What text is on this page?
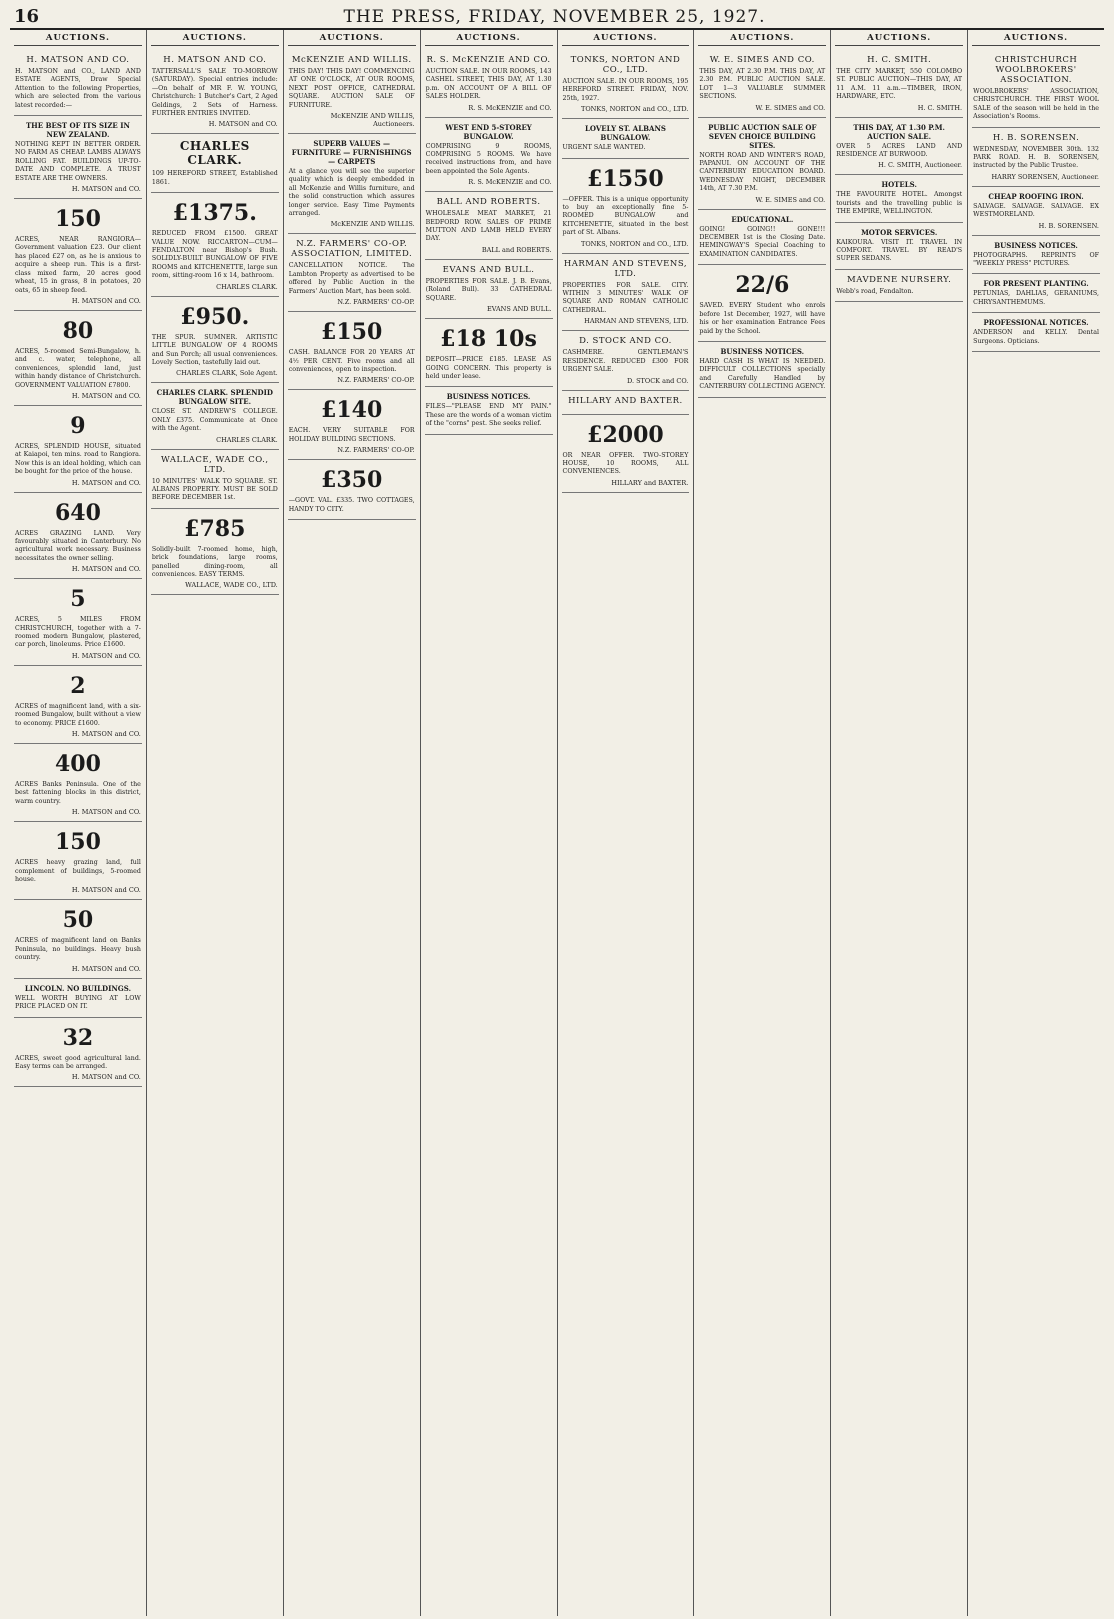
16	THE PRESS, FRIDAY, NOVEMBER 25, 1927.
AUCTIONS.
H. MATSON AND CO.
H. MATSON and CO., LAND AND ESTATE AGENTS, Draw Special Attention to the following Properties, which are selected from the various latest recorded:—
THE BEST OF ITS SIZE IN NEW ZEALAND.
NOTHING KEPT IN BETTER ORDER. NO FARM AS CHEAP. LAMBS ALWAYS ROLLING FAT. BUILDINGS UP-TO-DATE AND COMPLETE. A TRUST ESTATE ARE THE OWNERS.
H. MATSON and CO.
150
ACRES, NEAR RANGIORA—Government valuation £23. Our client has placed £27 on, as he is anxious to acquire a sheep run. This is a first-class mixed farm, 20 acres good wheat, 15 in grass, 8 in potatoes, 20 oats, 65 in sheep feed.
H. MATSON and CO.
80
ACRES, 5-roomed Semi-Bungalow, h. and c. water, telephone, all conveniences, splendid land, just within handy distance of Christchurch. GOVERNMENT VALUATION £7800.
H. MATSON and CO.
9
ACRES, SPLENDID HOUSE, situated at Kaiapoi, ten mins. road to Rangiora. Now this is an ideal holding, which can be bought for the price of the house.
H. MATSON and CO.
640
ACRES GRAZING LAND. Very favourably situated in Canterbury. No agricultural work necessary. Business necessitates the owner selling.
H. MATSON and CO.
5
ACRES, 5 MILES FROM CHRISTCHURCH, together with a 7-roomed modern Bungalow, plastered, car porch, linoleums. Price £1600.
H. MATSON and CO.
2
ACRES of magnificent land, with a six-roomed Bungalow, built without a view to economy. PRICE £1600.
H. MATSON and CO.
400
ACRES Banks Peninsula. One of the best fattening blocks in this district, warm country.
H. MATSON and CO.
150
ACRES heavy grazing land, full complement of buildings, 5-roomed house.
H. MATSON and CO.
50
ACRES of magnificent land on Banks Peninsula, no buildings. Heavy bush country.
H. MATSON and CO.
LINCOLN. NO BUILDINGS.
WELL WORTH BUYING AT LOW PRICE PLACED ON IT.
32
ACRES, sweet good agricultural land. Easy terms can be arranged.
H. MATSON and CO.
AUCTIONS.
H. MATSON AND CO.
TATTERSALL'S SALE TO-MORROW (SATURDAY). Special entries include:—On behalf of MR F. W. YOUNG, Christchurch: 1 Butcher's Cart, 2 Aged Geldings, 2 Sets of Harness. FURTHER ENTRIES INVITED.
H. MATSON and CO.
CHARLES CLARK.
109 HEREFORD STREET, Established 1861.
£1375.
REDUCED FROM £1500. GREAT VALUE NOW. RICCARTON—CUM—FENDALTON near Bishop's Bush. SOLIDLY-BUILT BUNGALOW OF FIVE ROOMS and KITCHENETTE, large sun room, sitting-room 16 x 14, bathroom.
CHARLES CLARK.
£950.
THE SPUR. SUMNER. ARTISTIC LITTLE BUNGALOW OF 4 ROOMS and Sun Porch; all usual conveniences. Lovely Section, tastefully laid out.
CHARLES CLARK, Sole Agent.
CHARLES CLARK. SPLENDID BUNGALOW SITE.
CLOSE ST. ANDREW'S COLLEGE. ONLY £375. Communicate at Once with the Agent.
CHARLES CLARK.
WALLACE, WADE CO., LTD.
10 MINUTES' WALK TO SQUARE. ST. ALBANS PROPERTY. MUST BE SOLD BEFORE DECEMBER 1st.
£785
Solidly-built 7-roomed home, high, brick foundations, large rooms, panelled dining-room, all conveniences. EASY TERMS.
WALLACE, WADE CO., LTD.
AUCTIONS.
McKENZIE AND WILLIS.
THIS DAY! THIS DAY! COMMENCING AT ONE O'CLOCK, AT OUR ROOMS, NEXT POST OFFICE, CATHEDRAL SQUARE. AUCTION SALE OF FURNITURE.
McKENZIE AND WILLIS, Auctioneers.
SUPERB VALUES — FURNITURE — FURNISHINGS — CARPETS
At a glance you will see the superior quality which is deeply embedded in all McKenzie and Willis furniture, and the solid construction which assures longer service. Easy Time Payments arranged.
McKENZIE AND WILLIS.
N.Z. FARMERS' CO-OP. ASSOCIATION, LIMITED.
CANCELLATION NOTICE. The Lambton Property as advertised to be offered by Public Auction in the Farmers' Auction Mart, has been sold.
N.Z. FARMERS' CO-OP.
£150
CASH. BALANCE FOR 20 YEARS AT 4½ PER CENT. Five rooms and all conveniences, open to inspection.
N.Z. FARMERS' CO-OP.
£140
EACH. VERY SUITABLE FOR HOLIDAY BUILDING SECTIONS.
N.Z. FARMERS' CO-OP.
£350
—GOVT. VAL. £335. TWO COTTAGES, HANDY TO CITY.
AUCTIONS.
R. S. McKENZIE AND CO.
AUCTION SALE. IN OUR ROOMS, 143 CASHEL STREET, THIS DAY, AT 1.30 p.m. ON ACCOUNT OF A BILL OF SALES HOLDER.
R. S. McKENZIE and CO.
WEST END 5-STOREY BUNGALOW.
COMPRISING 9 ROOMS, COMPRISING 5 ROOMS. We have received instructions from, and have been appointed the Sole Agents.
R. S. McKENZIE and CO.
BALL AND ROBERTS.
WHOLESALE MEAT MARKET, 21 BEDFORD ROW. SALES OF PRIME MUTTON AND LAMB HELD EVERY DAY.
BALL and ROBERTS.
EVANS AND BULL.
PROPERTIES FOR SALE. J. B. Evans, (Roland Bull). 33 CATHEDRAL SQUARE.
EVANS AND BULL.
£18 10s
DEPOSIT—PRICE £185. LEASE AS GOING CONCERN. This property is held under lease.
BUSINESS NOTICES.
FILES—"PLEASE END MY PAIN." These are the words of a woman victim of the "corns" pest. She seeks relief.
AUCTIONS.
TONKS, NORTON AND CO., LTD.
AUCTION SALE. IN OUR ROOMS, 195 HEREFORD STREET. FRIDAY, NOV. 25th, 1927.
TONKS, NORTON and CO., LTD.
LOVELY ST. ALBANS BUNGALOW.
URGENT SALE WANTED.
£1550
—OFFER. This is a unique opportunity to buy an exceptionally fine 5-ROOMED BUNGALOW and KITCHENETTE, situated in the best part of St. Albans.
TONKS, NORTON and CO., LTD.
HARMAN AND STEVENS, LTD.
PROPERTIES FOR SALE. CITY. WITHIN 3 MINUTES' WALK OF SQUARE AND ROMAN CATHOLIC CATHEDRAL.
HARMAN AND STEVENS, LTD.
D. STOCK AND CO.
CASHMERE. GENTLEMAN'S RESIDENCE. REDUCED £300 FOR URGENT SALE.
D. STOCK and CO.
HILLARY AND BAXTER.
£2000
OR NEAR OFFER. TWO-STOREY HOUSE, 10 ROOMS, ALL CONVENIENCES.
HILLARY and BAXTER.
AUCTIONS.
W. E. SIMES AND CO.
THIS DAY, AT 2.30 P.M. THIS DAY, AT 2.30 P.M. PUBLIC AUCTION SALE. LOT 1—3 VALUABLE SUMMER SECTIONS.
W. E. SIMES and CO.
PUBLIC AUCTION SALE OF SEVEN CHOICE BUILDING SITES.
NORTH ROAD AND WINTER'S ROAD, PAPANUI. ON ACCOUNT OF THE CANTERBURY EDUCATION BOARD. WEDNESDAY NIGHT, DECEMBER 14th, AT 7.30 P.M.
W. E. SIMES and CO.
EDUCATIONAL.
GOING! GOING!! GONE!!! DECEMBER 1st is the Closing Date. HEMINGWAY'S Special Coaching to EXAMINATION CANDIDATES.
22/6
SAVED. EVERY Student who enrols before 1st December, 1927, will have his or her examination Entrance Fees paid by the School.
BUSINESS NOTICES.
HARD CASH IS WHAT IS NEEDED. DIFFICULT COLLECTIONS specially and Carefully Handled by CANTERBURY COLLECTING AGENCY.
AUCTIONS.
H. C. SMITH.
THE CITY MARKET, 550 COLOMBO ST. PUBLIC AUCTION—THIS DAY, AT 11 A.M. 11 a.m.—TIMBER, IRON, HARDWARE, ETC.
H. C. SMITH.
THIS DAY, AT 1.30 P.M. AUCTION SALE.
OVER 5 ACRES LAND AND RESIDENCE AT BURWOOD.
H. C. SMITH, Auctioneer.
HOTELS.
THE FAVOURITE HOTEL. Amongst tourists and the travelling public is THE EMPIRE, WELLINGTON.
MOTOR SERVICES.
KAIKOURA. VISIT IT. TRAVEL IN COMFORT. TRAVEL BY READ'S SUPER SEDANS.
MAVDENE NURSERY.
Webb's road, Fendalton.
AUCTIONS.
CHRISTCHURCH WOOLBROKERS' ASSOCIATION.
WOOLBROKERS' ASSOCIATION, CHRISTCHURCH. THE FIRST WOOL SALE of the season will be held in the Association's Rooms.
H. B. SORENSEN.
WEDNESDAY, NOVEMBER 30th. 132 PARK ROAD. H. B. SORENSEN, instructed by the Public Trustee.
HARRY SORENSEN, Auctioneer.
CHEAP ROOFING IRON.
SALVAGE. SALVAGE. SALVAGE. EX WESTMORELAND.
H. B. SORENSEN.
BUSINESS NOTICES.
PHOTOGRAPHS. REPRINTS OF "WEEKLY PRESS" PICTURES.
FOR PRESENT PLANTING.
PETUNIAS, DAHLIAS, GERANIUMS, CHRYSANTHEMUMS.
PROFESSIONAL NOTICES.
ANDERSON and KELLY. Dental Surgeons. Opticians.
